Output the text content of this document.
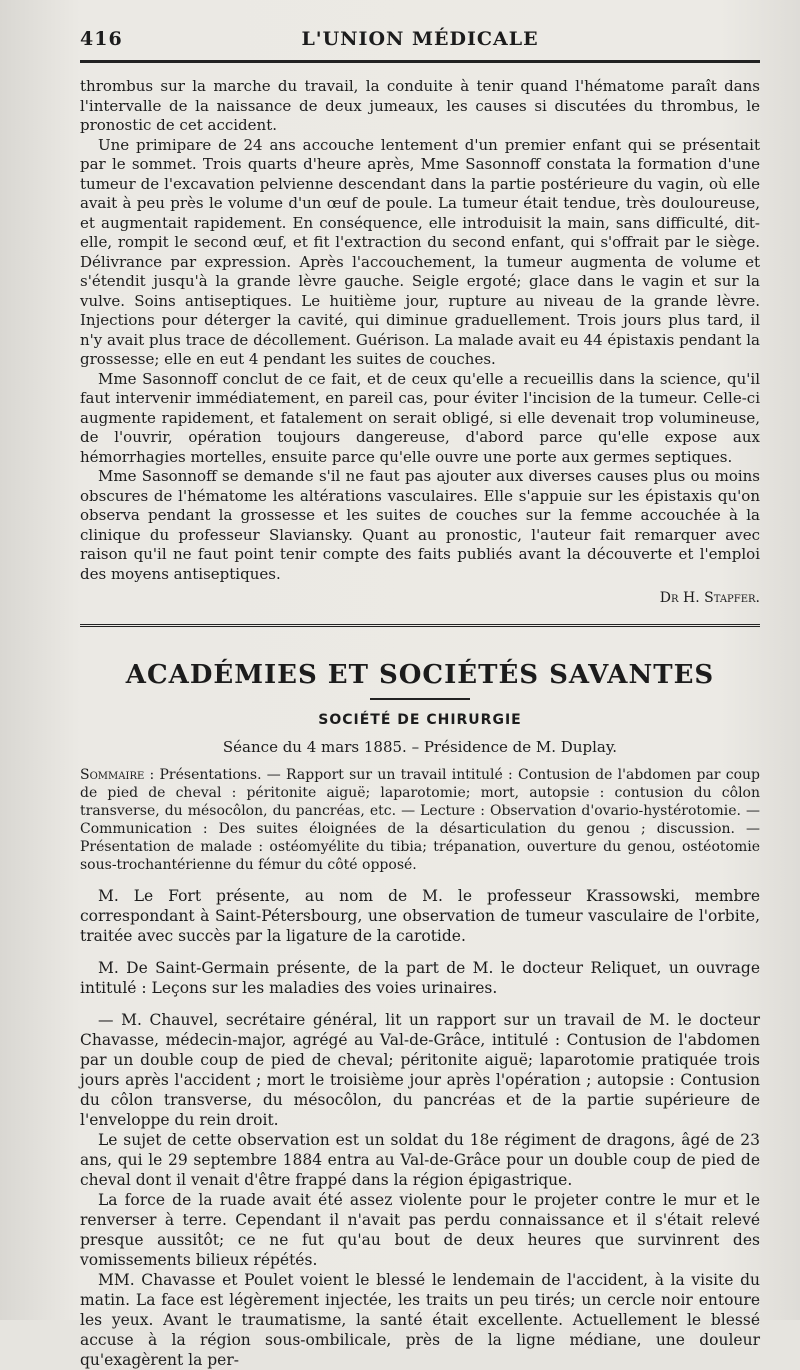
416	L'UNION MÉDICALE

thrombus sur la marche du travail, la conduite à tenir quand l'hématome paraît dans l'intervalle de la naissance de deux jumeaux, les causes si discutées du thrombus, le pronostic de cet accident.

Une primipare de 24 ans accouche lentement d'un premier enfant qui se présentait par le sommet. Trois quarts d'heure après, Mme Sasonnoff constata la formation d'une tumeur de l'excavation pelvienne descendant dans la partie postérieure du vagin, où elle avait à peu près le volume d'un œuf de poule. La tumeur était tendue, très douloureuse, et augmentait rapidement. En conséquence, elle introduisit la main, sans difficulté, dit-elle, rompit le second œuf, et fit l'extraction du second enfant, qui s'offrait par le siège. Délivrance par expression. Après l'accouchement, la tumeur augmenta de volume et s'étendit jusqu'à la grande lèvre gauche. Seigle ergoté; glace dans le vagin et sur la vulve. Soins antiseptiques. Le huitième jour, rupture au niveau de la grande lèvre. Injections pour déterger la cavité, qui diminue graduellement. Trois jours plus tard, il n'y avait plus trace de décollement. Guérison. La malade avait eu 44 épistaxis pendant la grossesse; elle en eut 4 pendant les suites de couches.

Mme Sasonnoff conclut de ce fait, et de ceux qu'elle a recueillis dans la science, qu'il faut intervenir immédiatement, en pareil cas, pour éviter l'incision de la tumeur. Celle-ci augmente rapidement, et fatalement on serait obligé, si elle devenait trop volumineuse, de l'ouvrir, opération toujours dangereuse, d'abord parce qu'elle expose aux hémorrhagies mortelles, ensuite parce qu'elle ouvre une porte aux germes septiques.

Mme Sasonnoff se demande s'il ne faut pas ajouter aux diverses causes plus ou moins obscures de l'hématome les altérations vasculaires. Elle s'appuie sur les épistaxis qu'on observa pendant la grossesse et les suites de couches sur la femme accouchée à la clinique du professeur Slaviansky. Quant au pronostic, l'auteur fait remarquer avec raison qu'il ne faut point tenir compte des faits publiés avant la découverte et l'emploi des moyens antiseptiques.

Dr H. Stapfer.
ACADÉMIES ET SOCIÉTÉS SAVANTES
SOCIÉTÉ DE CHIRURGIE
Séance du 4 mars 1885. – Présidence de M. Duplay.

Sommaire : Présentations. — Rapport sur un travail intitulé : Contusion de l'abdomen par coup de pied de cheval : péritonite aiguë; laparotomie; mort, autopsie : contusion du côlon transverse, du mésocôlon, du pancréas, etc. — Lecture : Observation d'ovario-hystérotomie. — Communication : Des suites éloignées de la désarticulation du genou ; discussion. — Présentation de malade : ostéomyélite du tibia; trépanation, ouverture du genou, ostéotomie sous-trochantérienne du fémur du côté opposé.

M. Le Fort présente, au nom de M. le professeur Krassowski, membre correspondant à Saint-Pétersbourg, une observation de tumeur vasculaire de l'orbite, traitée avec succès par la ligature de la carotide.

M. De Saint-Germain présente, de la part de M. le docteur Reliquet, un ouvrage intitulé : Leçons sur les maladies des voies urinaires.

— M. Chauvel, secrétaire général, lit un rapport sur un travail de M. le docteur Chavasse, médecin-major, agrégé au Val-de-Grâce, intitulé : Contusion de l'abdomen par un double coup de pied de cheval; péritonite aiguë; laparotomie pratiquée trois jours après l'accident ; mort le troisième jour après l'opération ; autopsie : Contusion du côlon transverse, du mésocôlon, du pancréas et de la partie supérieure de l'enveloppe du rein droit.

Le sujet de cette observation est un soldat du 18e régiment de dragons, âgé de 23 ans, qui le 29 septembre 1884 entra au Val-de-Grâce pour un double coup de pied de cheval dont il venait d'être frappé dans la région épigastrique.

La force de la ruade avait été assez violente pour le projeter contre le mur et le renverser à terre. Cependant il n'avait pas perdu connaissance et il s'était relevé presque aussitôt; ce ne fut qu'au bout de deux heures que survinrent des vomissements bilieux répétés.

MM. Chavasse et Poulet voient le blessé le lendemain de l'accident, à la visite du matin. La face est légèrement injectée, les traits un peu tirés; un cercle noir entoure les yeux. Avant le traumatisme, la santé était excellente. Actuellement le blessé accuse à la région sous-ombilicale, près de la ligne médiane, une douleur qu'exagèrent la per-
